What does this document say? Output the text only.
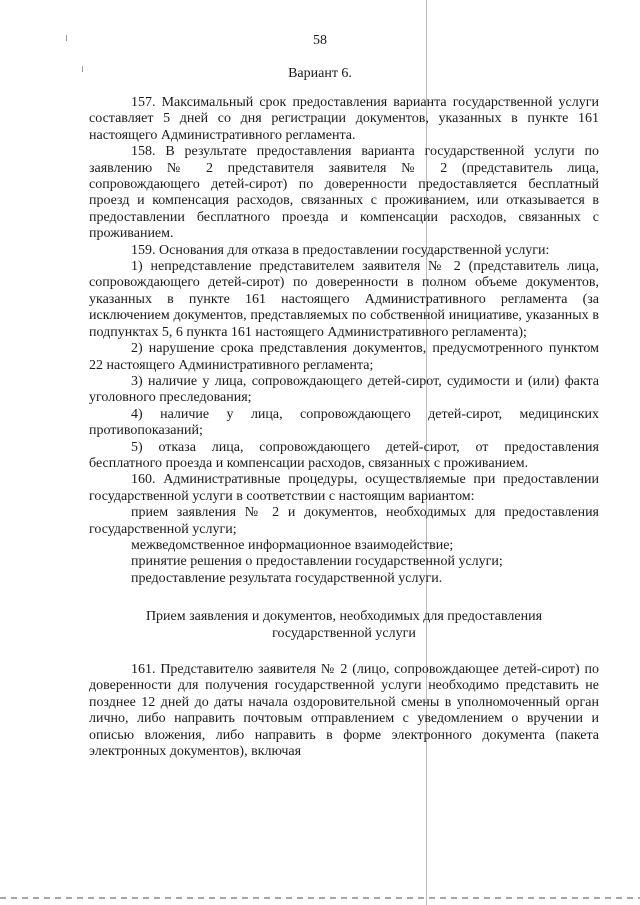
58
Вариант 6.

157. Максимальный срок предоставления варианта государственной услуги составляет 5 дней со дня регистрации документов, указанных в пункте 161 настоящего Административного регламента.

158. В результате предоставления варианта государственной услуги по заявлению № 2 представителя заявителя № 2 (представитель лица, сопровождающего детей-сирот) по доверенности предоставляется бесплатный проезд и компенсация расходов, связанных с проживанием, или отказывается в предоставлении бесплатного проезда и компенсации расходов, связанных с проживанием.

159. Основания для отказа в предоставлении государственной услуги:

1) непредставление представителем заявителя № 2 (представитель лица, сопровождающего детей-сирот) по доверенности в полном объеме документов, указанных в пункте 161 настоящего Административного регламента (за исключением документов, представляемых по собственной инициативе, указанных в подпунктах 5, 6 пункта 161 настоящего Административного регламента);

2) нарушение срока представления документов, предусмотренного пунктом 22 настоящего Административного регламента;

3) наличие у лица, сопровождающего детей-сирот, судимости и (или) факта уголовного преследования;

4) наличие у лица, сопровождающего детей-сирот, медицинских противопоказаний;

5) отказа лица, сопровождающего детей-сирот, от предоставления бесплатного проезда и компенсации расходов, связанных с проживанием.

160. Административные процедуры, осуществляемые при предоставлении государственной услуги в соответствии с настоящим вариантом:

прием заявления № 2 и документов, необходимых для предоставления государственной услуги;

межведомственное информационное взаимодействие;

принятие решения о предоставлении государственной услуги;

предоставление результата государственной услуги.

Прием заявления и документов, необходимых для предоставления государственной услуги

161. Представителю заявителя № 2 (лицо, сопровождающее детей-сирот) по доверенности для получения государственной услуги необходимо представить не позднее 12 дней до даты начала оздоровительной смены в уполномоченный орган лично, либо направить почтовым отправлением с уведомлением о вручении и описью вложения, либо направить в форме электронного документа (пакета электронных документов), включая
